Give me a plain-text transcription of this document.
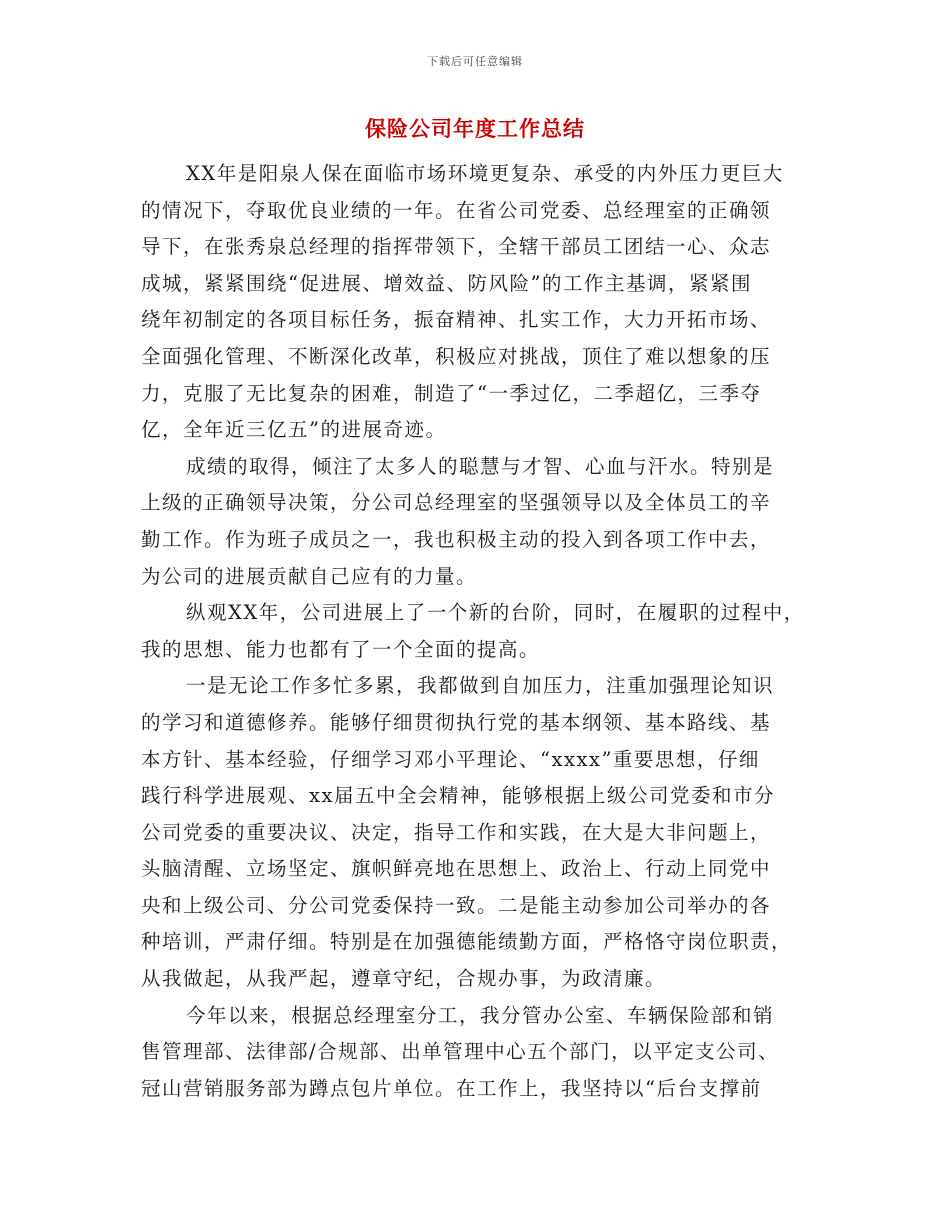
下载后可任意编辑
保险公司年度工作总结
XX年是阳泉人保在面临市场环境更复杂、承受的内外压力更巨大
的情况下，夺取优良业绩的一年。在省公司党委、总经理室的正确领
导下，在张秀泉总经理的指挥带领下，全辖干部员工团结一心、众志
成城，紧紧围绕“促进展、增效益、防风险”的工作主基调，紧紧围
绕年初制定的各项目标任务，振奋精神、扎实工作，大力开拓市场、
全面强化管理、不断深化改革，积极应对挑战，顶住了难以想象的压
力，克服了无比复杂的困难，制造了“一季过亿，二季超亿，三季夺
亿，全年近三亿五”的进展奇迹。
成绩的取得，倾注了太多人的聪慧与才智、心血与汗水。特别是
上级的正确领导决策，分公司总经理室的坚强领导以及全体员工的辛
勤工作。作为班子成员之一，我也积极主动的投入到各项工作中去，
为公司的进展贡献自己应有的力量。
纵观XX年，公司进展上了一个新的台阶，同时，在履职的过程中，
我的思想、能力也都有了一个全面的提高。
一是无论工作多忙多累，我都做到自加压力，注重加强理论知识
的学习和道德修养。能够仔细贯彻执行党的基本纲领、基本路线、基
本方针、基本经验，仔细学习邓小平理论、“xxxx”重要思想，仔细
践行科学进展观、xx届五中全会精神，能够根据上级公司党委和市分
公司党委的重要决议、决定，指导工作和实践，在大是大非问题上，
头脑清醒、立场坚定、旗帜鲜亮地在思想上、政治上、行动上同党中
央和上级公司、分公司党委保持一致。二是能主动参加公司举办的各
种培训，严肃仔细。特别是在加强德能绩勤方面，严格恪守岗位职责，
从我做起，从我严起，遵章守纪，合规办事，为政清廉。
今年以来，根据总经理室分工，我分管办公室、车辆保险部和销
售管理部、法律部/合规部、出单管理中心五个部门，以平定支公司、
冠山营销服务部为蹲点包片单位。在工作上，我坚持以“后台支撑前
